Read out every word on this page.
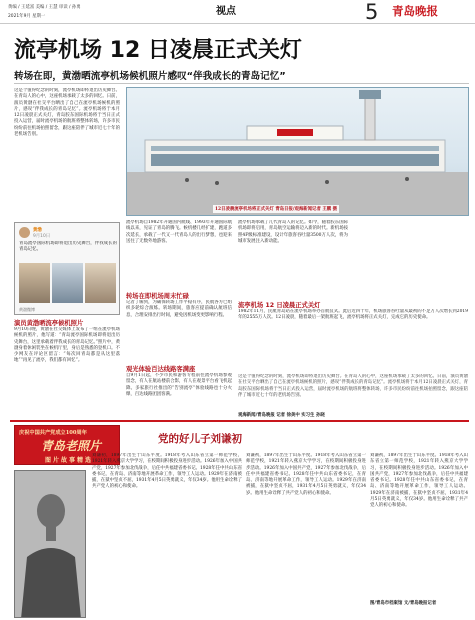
黄编 / 王延富 美编 / 王慧 审读 / 孙勇
2021年9月 星期一	视点	5 青岛晚报
流亭机场 12 日凌晨正式关灯
转场在即，黄渤晒流亭机场候机照片感叹“伴我成长的青岛记忆”
这是个值得纪念的时刻，流亭机场即将退出历史舞台。在青岛人的心中，这座机场承载了太多的回忆。日前，演员黄渤在社交平台晒出了自己在流亭机场候机的照片，感叹“伴我成长的青岛记忆”。流亭机场将于本月12日凌晨正式关灯，青岛胶东国际机场将于当日正式投入运营，届时流亭机场的航班将整体转场，许多市民纷纷前往机场拍照留念，跟这座陪伴了城市近七十年的老机场告别。
12日凌晨流亭机场将正式关灯 青岛日报/观海新闻记者 王鹏 摄
黄渤
9月10日
青岛流亭国际机场即将退出历史舞台，伴我成长的青岛记忆。
黄渤微博
演员黄渤晒流亭候机照片
9月10日晚，黄渤在社交媒体上发布了一组在流亭机场候机的照片，他写道：“青岛流亭国际机场即将退出历史舞台，这里承载着伴我成长的青岛记忆。”照片中，黄渤身着休闲装坐在候机厅里，身后是熟悉的登机口。不少网友在评论区留言：“每次回青岛都是从这里落地”“再见了流亭，我们都有回忆”。
流亭机场自1982年开通国内航线、1993年开通国际航线以来，见证了青岛的腾飞。候机楼几经扩建，跑道多次延长，承载了一代又一代青岛人的出行梦想，也迎来送往了无数外地游客。
转场在即机场周末忙碌
记者了解到，为确保转场工作平稳有序，民航各方已组织多轮综合演练。转场期间，旅客应提前确认航班信息，合理安排出行时间，避免因机场变更影响行程。
观光体验百达线路客满座
自9月1日起，不少市民和游客专程前往流亭机场参观留念，有人在航站楼前合影，有人在观景平台看飞机起降。多家旅行社推出的“告别流亭”体验线路也十分火爆，百达线路团团客满。
流亭机场承载了几代青岛人的记忆。如今，随着胶东国际机场即将启用，青岛航空运输将迈入新的时代。新机场按照4F级标准建设，设计年旅客吞吐量3500万人次，将为城市发展注入新动能。
流亭机场 12 日凌晨正式关灯
1982年11月，民航青岛站在流亭机场举办首航仪式。此后近四十年，机场旅客吞吐量从最初的不足万人次增长到2019年的2555万人次。12日凌晨，随着最后一架航班起飞，流亭机场将正式关灯，完成它的历史使命。
这是个值得纪念的时刻，流亭机场即将退出历史舞台。在青岛人的心中，这座机场承载了太多的回忆。日前，演员黄渤在社交平台晒出了自己在流亭机场候机的照片，感叹“伴我成长的青岛记忆”。流亭机场将于本月12日凌晨正式关灯，青岛胶东国际机场将于当日正式投入运营，届时流亭机场的航班将整体转场，许多市民纷纷前往机场拍照留念，跟这座陪伴了城市近七十年的老机场告别。
观海新闻/青岛晚报 记者 徐美中 实习生 孙晓
庆祝中国共产党成立100周年
青岛老照片
图片故事精选
党的好儿子刘谦初
刘谦初，1897年出生于山东平度。1918年考入山东省立第一师范学校，1921年转入燕京大学学习，在校期间积极投身进步活动。1926年加入中国共产党，1927年参加北伐战争，后任中共福建省委书记。1928年任中共山东省委书记，在青岛、济南等地开展革命工作，领导工人运动。1929年在济南被捕，在狱中坚贞不屈，1931年4月5日英勇就义，年仅34岁。他用生命诠释了共产党人的初心和使命。
刘谦初，1897年出生于山东平度。1918年考入山东省立第一师范学校，1921年转入燕京大学学习，在校期间积极投身进步活动。1926年加入中国共产党，1927年参加北伐战争，后任中共福建省委书记。1928年任中共山东省委书记，在青岛、济南等地开展革命工作，领导工人运动。1929年在济南被捕，在狱中坚贞不屈，1931年4月5日英勇就义，年仅34岁。他用生命诠释了共产党人的初心和使命。
刘谦初，1897年出生于山东平度。1918年考入山东省立第一师范学校，1921年转入燕京大学学习，在校期间积极投身进步活动。1926年加入中国共产党，1927年参加北伐战争，后任中共福建省委书记。1928年任中共山东省委书记，在青岛、济南等地开展革命工作，领导工人运动。1929年在济南被捕，在狱中坚贞不屈，1931年4月5日英勇就义，年仅34岁。他用生命诠释了共产党人的初心和使命。
图/青岛市档案馆 文/青岛晚报记者
